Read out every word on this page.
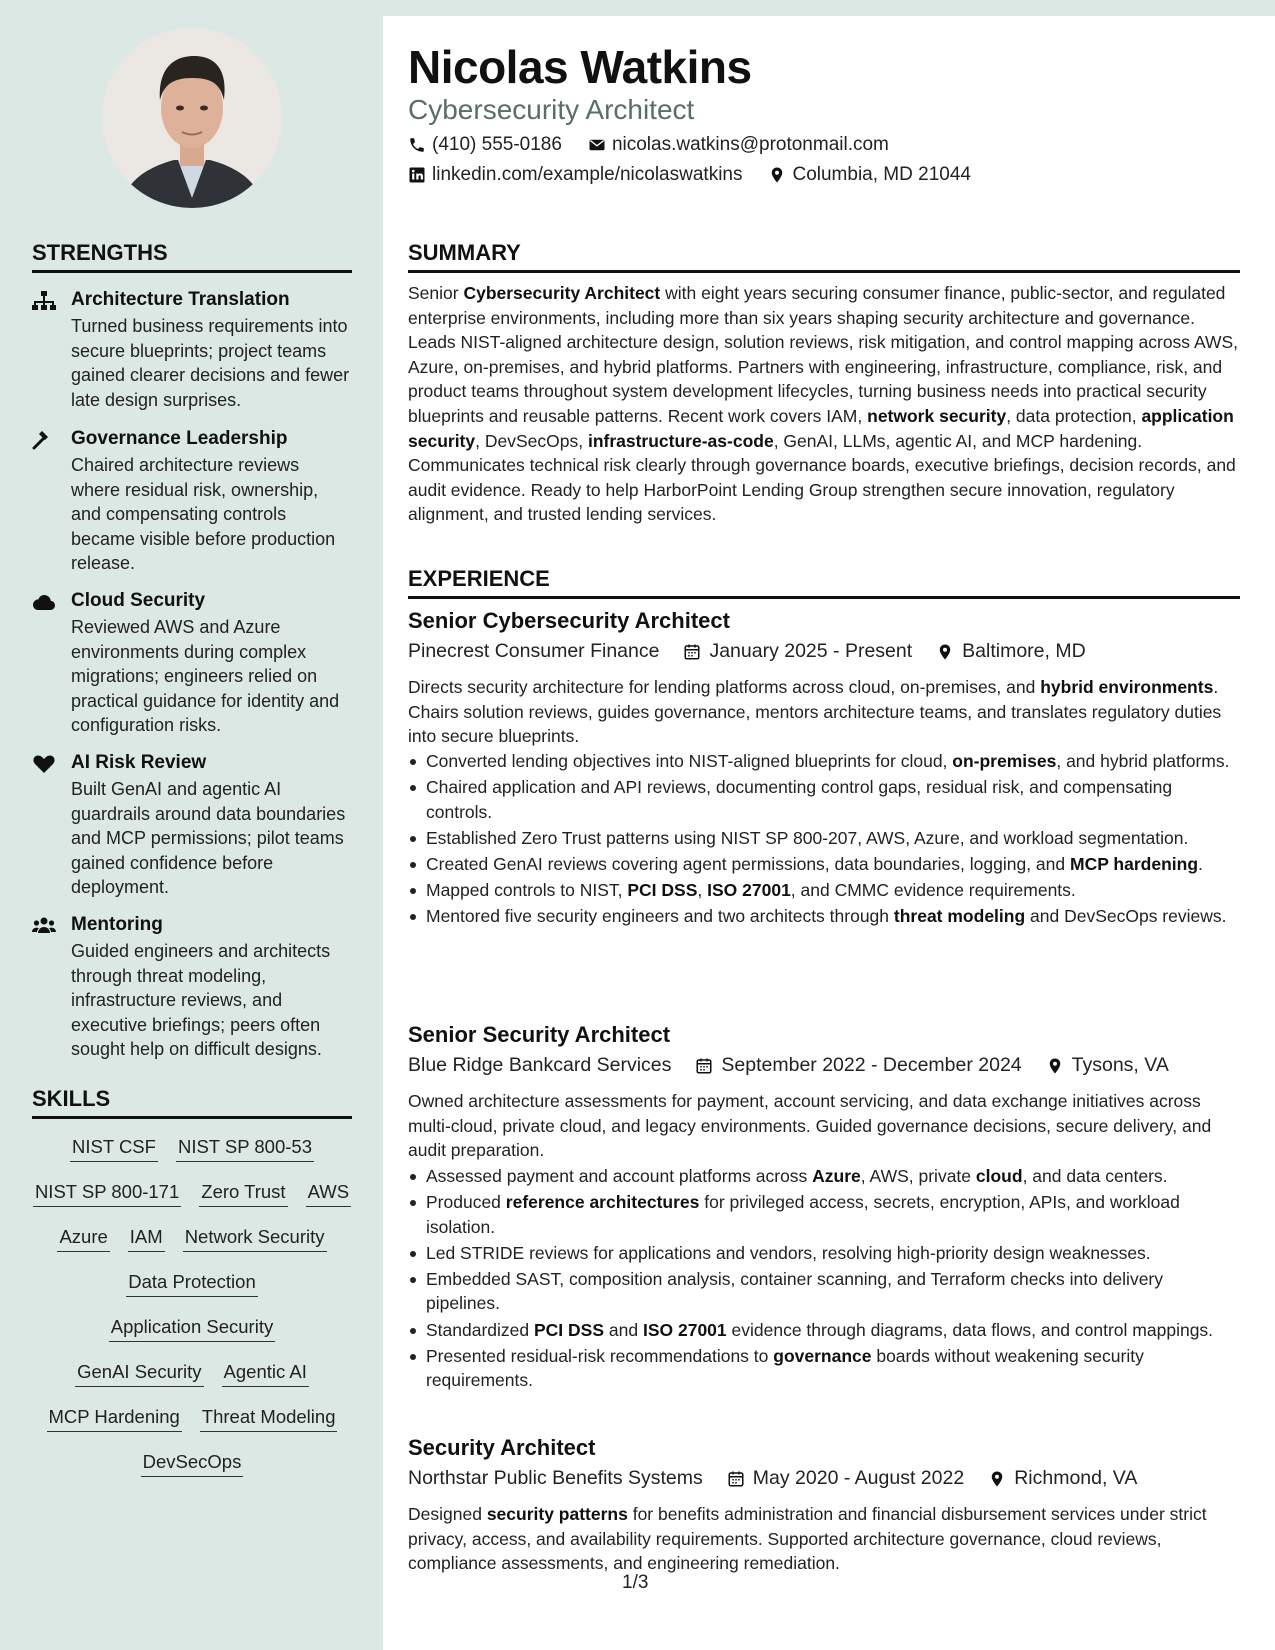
Nicolas Watkins
Cybersecurity Architect
(410) 555-0186	nicolas.watkins@protonmail.com
linkedin.com/example/nicolaswatkins	Columbia, MD 21044
STRENGTHS
Architecture Translation
Turned business requirements into secure blueprints; project teams gained clearer decisions and fewer late design surprises.
Governance Leadership
Chaired architecture reviews where residual risk, ownership, and compensating controls became visible before production release.
Cloud Security
Reviewed AWS and Azure environments during complex migrations; engineers relied on practical guidance for identity and configuration risks.
AI Risk Review
Built GenAI and agentic AI guardrails around data boundaries and MCP permissions; pilot teams gained confidence before deployment.
Mentoring
Guided engineers and architects through threat modeling, infrastructure reviews, and executive briefings; peers often sought help on difficult designs.
SKILLS
NIST CSF NIST SP 800-53
NIST SP 800-171 Zero Trust AWS
Azure IAM Network Security
Data Protection
Application Security
GenAI Security Agentic AI
MCP Hardening Threat Modeling
DevSecOps
SUMMARY
Senior Cybersecurity Architect with eight years securing consumer finance, public-sector, and regulated enterprise environments, including more than six years shaping security architecture and governance. Leads NIST-aligned architecture design, solution reviews, risk mitigation, and control mapping across AWS, Azure, on-premises, and hybrid platforms. Partners with engineering, infrastructure, compliance, risk, and product teams throughout system development lifecycles, turning business needs into practical security blueprints and reusable patterns. Recent work covers IAM, network security, data protection, application security, DevSecOps, infrastructure-as-code, GenAI, LLMs, agentic AI, and MCP hardening. Communicates technical risk clearly through governance boards, executive briefings, decision records, and audit evidence. Ready to help HarborPoint Lending Group strengthen secure innovation, regulatory alignment, and trusted lending services.
EXPERIENCE
Senior Cybersecurity Architect
Pinecrest Consumer Finance	January 2025 - Present	Baltimore, MD
Directs security architecture for lending platforms across cloud, on-premises, and hybrid environments. Chairs solution reviews, guides governance, mentors architecture teams, and translates regulatory duties into secure blueprints.
Converted lending objectives into NIST-aligned blueprints for cloud, on-premises, and hybrid platforms.
Chaired application and API reviews, documenting control gaps, residual risk, and compensating controls.
Established Zero Trust patterns using NIST SP 800-207, AWS, Azure, and workload segmentation.
Created GenAI reviews covering agent permissions, data boundaries, logging, and MCP hardening.
Mapped controls to NIST, PCI DSS, ISO 27001, and CMMC evidence requirements.
Mentored five security engineers and two architects through threat modeling and DevSecOps reviews.
Senior Security Architect
Blue Ridge Bankcard Services	September 2022 - December 2024	Tysons, VA
Owned architecture assessments for payment, account servicing, and data exchange initiatives across multi-cloud, private cloud, and legacy environments. Guided governance decisions, secure delivery, and audit preparation.
Assessed payment and account platforms across Azure, AWS, private cloud, and data centers.
Produced reference architectures for privileged access, secrets, encryption, APIs, and workload isolation.
Led STRIDE reviews for applications and vendors, resolving high-priority design weaknesses.
Embedded SAST, composition analysis, container scanning, and Terraform checks into delivery pipelines.
Standardized PCI DSS and ISO 27001 evidence through diagrams, data flows, and control mappings.
Presented residual-risk recommendations to governance boards without weakening security requirements.
Security Architect
Northstar Public Benefits Systems	May 2020 - August 2022	Richmond, VA
Designed security patterns for benefits administration and financial disbursement services under strict privacy, access, and availability requirements. Supported architecture governance, cloud reviews, compliance assessments, and engineering remediation.
1/3
